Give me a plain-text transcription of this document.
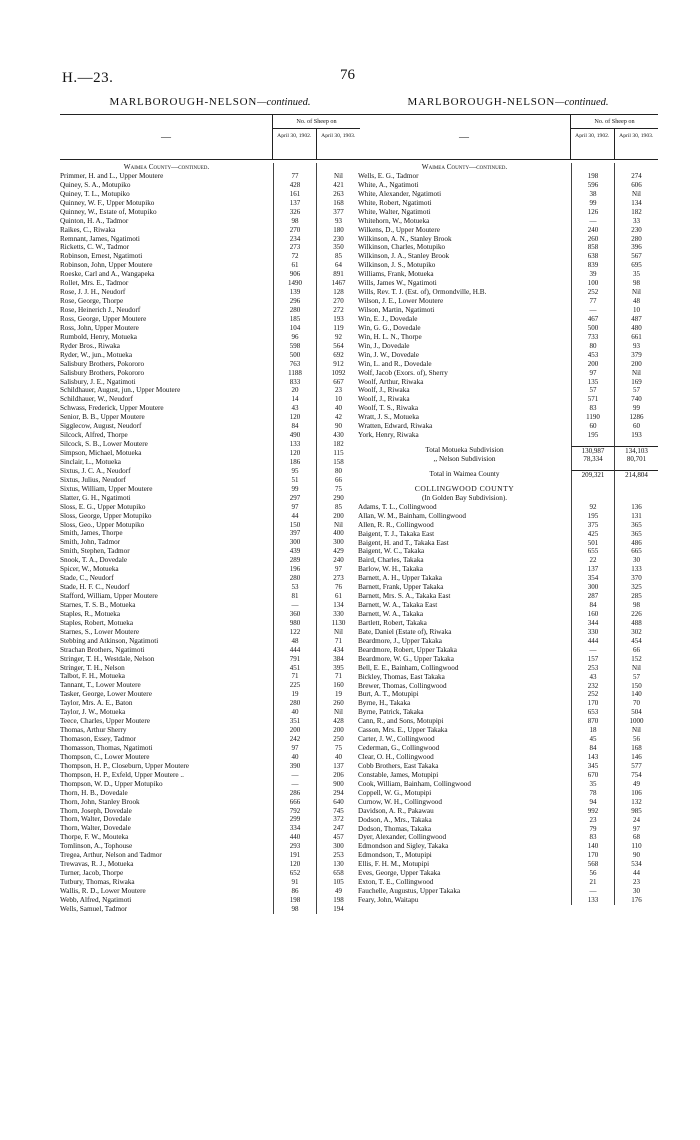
H.—23.	76
MARLBOROUGH-NELSON—continued.
—
No. of Sheep on
April 30, 1902.	April 30, 1903.
Waimea County—continued.
Primmer, H. and L., Upper Moutere	77	Nil
Quiney, S. A., Motupiko	428	421
Quiney, T. L., Motupiko	161	263
Quinney, W. F., Upper Motupiko	137	168
Quinney, W., Estate of, Motupiko	326	377
Quinton, H. A., Tadmor	98	93
Raikes, C., Riwaka	270	180
Remnant, James, Ngatimoti	234	230
Ricketts, C. W., Tadmor	273	350
Robinson, Ernest, Ngatimoti	72	85
Robinson, John, Upper Moutere	61	64
Roeske, Carl and A., Wangapeka	906	891
Rollet, Mrs. E., Tadmor	1490	1467
Rose, J. J. H., Neudorf	139	128
Rose, George, Thorpe	296	270
Rose, Heinerich J., Neudorf	280	272
Ross, George, Upper Moutere	185	193
Ross, John, Upper Moutere	104	119
Rumbold, Henry, Motueka	96	92
Ryder Bros., Riwaka	598	564
Ryder, W., jun., Motueka	500	692
Salisbury Brothers, Pokororo	763	912
Salisbury Brothers, Pokororo	1188	1092
Salisbury, J. E., Ngatimoti	833	667
Schildhauer, August, jun., Upper Moutere	20	23
Schildhauer, W., Neudorf	14	10
Schwass, Frederick, Upper Moutere	43	40
Senior, B. B., Upper Moutere	120	42
Sigglecow, August, Neudorf	84	90
Silcock, Alfred, Thorpe	490	430
Silcock, S. B., Lower Moutere	133	182
Simpson, Michael, Motueka	120	115
Sinclair, L., Motueka	186	158
Sixtus, J. C. A., Neudorf	95	80
Sixtus, Julius, Neudorf	51	66
Sixtus, William, Upper Moutere	99	75
Slatter, G. H., Ngatimoti	297	290
Sloss, E. G., Upper Motupiko	97	85
Sloss, George, Upper Motupiko	44	200
Sloss, Geo., Upper Motupiko	150	Nil
Smith, James, Thorpe	397	400
Smith, John, Tadmor	300	300
Smith, Stephen, Tadmor	439	429
Snook, T. A., Dovedale	289	240
Spicer, W., Motueka	196	97
Stade, C., Neudorf	280	273
Stade, H. F. C., Neudorf	53	76
Stafford, William, Upper Moutere	81	61
Starnes, T. S. B., Motueka	—	134
Staples, R., Motueka	360	330
Staples, Robert, Motueka	980	1130
Starnes, S., Lower Moutere	122	Nil
Stebbing and Atkinson, Ngatimoti	48	71
Strachan Brothers, Ngatimoti	444	434
Stringer, T. H., Westdale, Nelson	791	384
Stringer, T. H., Nelson	451	395
Talbot, F. H., Motueka	71	71
Tannant, T., Lower Moutere	225	160
Tasker, George, Lower Moutere	19	19
Taylor, Mrs. A. E., Baton	280	260
Taylor, J. W., Motueka	40	Nil
Teece, Charles, Upper Moutere	351	428
Thomas, Arthur Sherry	200	200
Thomason, Essey, Tadmor	242	250
Thomasson, Thomas, Ngatimoti	97	75
Thompson, C., Lower Moutere	40	40
Thompson, H. P., Closeburn, Upper Moutere	390	137
Thompson, H. P., Exfeld, Upper Moutere ..	—	206
Thompson, W. D., Upper Motupiko	—	900
Thorn, H. B., Dovedale	286	294
Thorn, John, Stanley Brook	666	640
Thorn, Joseph, Dovedale	792	745
Thorn, Walter, Dovedale	299	372
Thorn, Walter, Dovedale	334	247
Thorpe, F. W., Mouteka	440	457
Tomlinson, A., Tophouse	293	300
Tregea, Arthur, Nelson and Tadmor	191	253
Trewavas, R. J., Motueka	120	130
Turner, Jacob, Thorpe	652	658
Tutbury, Thomas, Riwaka	91	105
Wallis, R. D., Lower Moutere	86	49
Webb, Alfred, Ngatimoti	198	198
Wells, Samuel, Tadmor	98	194
MARLBOROUGH-NELSON—continued.
—
No. of Sheep on
April 30, 1902.	April 30, 1903.
Waimea County—continued.
Wells, E. G., Tadmor	198	274
White, A., Ngatimoti	596	606
White, Alexander, Ngatimoti	38	Nil
White, Robert, Ngatimoti	99	134
White, Walter, Ngatimoti	126	182
Whitehorn, W., Motueka	—	33
Wilkens, D., Upper Moutere	240	230
Wilkinson, A. N., Stanley Brook	260	280
Wilkinson, Charles, Motupiko	858	396
Wilkinson, J. A., Stanley Brook	638	567
Wilkinson, J. S., Motupiko	839	695
Williams, Frank, Motueka	39	35
Wills, James W., Ngatimoti	100	98
Wills, Rev. T. J. (Est. of), Ormondville, H.B.	252	Nil
Wilson, J. E., Lower Moutere	77	48
Wilson, Martin, Ngatimoti	—	10
Win, E. J., Dovedale	467	487
Win, G. G., Dovedale	500	480
Win, H. L. N., Thorpe	733	661
Win, J., Dovedale	80	93
Win, J. W., Dovedale	453	379
Win, L. and R., Dovedale	200	200
Wolf, Jacob (Exors. of), Sherry	97	Nil
Woolf, Arthur, Riwaka	135	169
Woolf, J., Riwaka	57	57
Woolf, J., Riwaka	571	740
Woolf, T. S., Riwaka	83	99
Wratt, J. S., Motueka	1190	1286
Wratten, Edward, Riwaka	60	60
York, Henry, Riwaka	195	193
Total Motueka Subdivision	130,987	134,103
,, Nelson Subdivision	78,334	80,701
Total in Waimea County	209,321	214,804
COLLINGWOOD COUNTY
(In Golden Bay Subdivision).
Adams, T. L., Collingwood	92	136
Allan, W. M., Bainham, Collingwood	195	131
Allen, R. R., Collingwood	375	365
Baigent, T. J., Takaka East	425	365
Baigent, H. and T., Takaka East	501	486
Baigent, W. C., Takaka	655	665
Baird, Charles, Takaka	22	30
Barlow, W. H., Takaka	137	133
Barnett, A. H., Upper Takaka	354	370
Barnett, Frank, Upper Takaka	300	325
Barnett, Mrs. S. A., Takaka East	287	285
Barnett, W. A., Takaka East	84	98
Barnett, W. A., Takaka	160	226
Bartlett, Robert, Takaka	344	488
Bate, Daniel (Estate of), Riwaka	330	302
Beardmore, J., Upper Takaka	444	454
Beardmore, Robert, Upper Takaka	—	66
Beardmore, W. G., Upper Takaka	157	152
Bell, E. E., Bainham, Collingwood	253	Nil
Bickley, Thomas, East Takaka	43	57
Brewer, Thomas, Collingwood	232	150
Burt, A. T., Motupipi	252	140
Byrne, H., Takaka	170	70
Byrne, Patrick, Takaka	653	504
Cann, R., and Sons, Motupipi	870	1000
Casson, Mrs. E., Upper Takaka	18	Nil
Carter, J. W., Collingwood	45	56
Cederman, G., Collingwood	84	168
Clear, O. H., Collingwood	143	146
Cobb Brothers, East Takaka	345	577
Constable, James, Motupipi	670	754
Cook, William, Bainham, Collingwood	35	49
Coppell, W. G., Motupipi	78	106
Curnow, W. H., Collingwood	94	132
Davidson, A. R., Pakawau	992	985
Dodson, A., Mrs., Takaka	23	24
Dodson, Thomas, Takaka	79	97
Dyer, Alexander, Collingwood	83	68
Edmondson and Sigley, Takaka	140	110
Edmondson, T., Motupipi	170	90
Ellis, F. H. M., Motupipi	568	534
Eves, George, Upper Takaka	56	44
Exton, T. E., Collingwood	21	23
Fauchelle, Augustus, Upper Takaka	—	30
Feary, John, Waitapu	133	176
